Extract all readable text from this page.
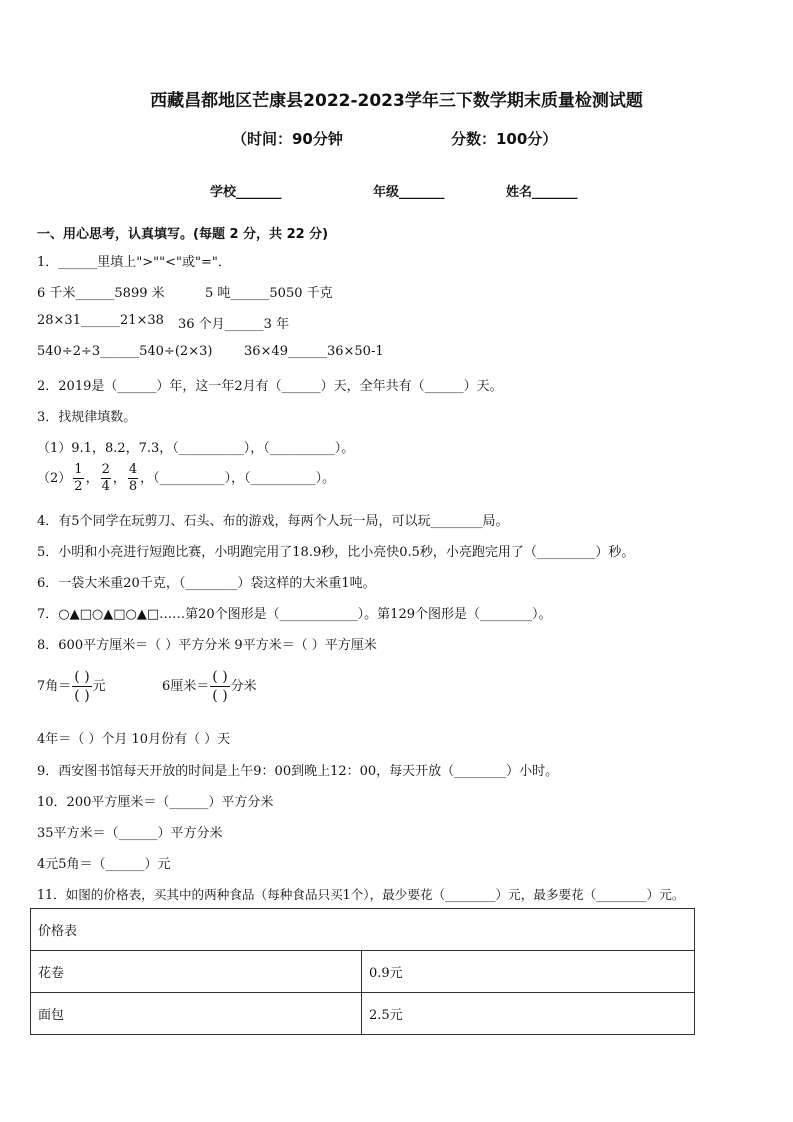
西藏昌都地区芒康县2022-2023学年三下数学期末质量检测试题
（时间：90分钟	分数：100分）
学校_______	年级_______	姓名_______
一、用心思考，认真填写。(每题 2 分，共 22 分)
1．______里填上">""<"或"="．
6 千米______5899 米	5 吨______5050 千克
28×31______21×38 36 个月______3 年
540÷2÷3______540÷(2×3) 36×49______36×50-1
2．2019是（______）年，这一年2月有（______）天，全年共有（______）天。
3．找规律填数。
（1）9.1，8.2，7.3，（__________），（__________）。
$(2) \frac{1}{2}$ ， $\frac{2}{4}$ ， $\frac{4}{8}$ ，（__________），（__________）。
4．有5个同学在玩剪刀、石头、布的游戏，每两个人玩一局，可以玩________局。
5．小明和小亮进行短跑比赛，小明跑完用了18.9秒，比小亮快0.5秒，小亮跑完用了（_________）秒。
6．一袋大米重20千克，（________）袋这样的大米重1吨。
7．○▲□○▲□○▲□……第20个图形是（____________）。第129个图形是（________）。
8．600平方厘米＝（ ）平方分米 9平方米＝（ ）平方厘米
7角＝ $\frac{( )}{( )}$ 元	6厘米＝ $\frac{( )}{( )}$ 分米
4年＝（ ）个月 10月份有（ ）天
9．西安图书馆每天开放的时间是上午9：00到晚上12：00，每天开放（________）小时。
10．200平方厘米＝（______）平方分米
35平方米＝（______）平方分米
4元5角＝（______）元
11．如图的价格表，买其中的两种食品（每种食品只买1个），最少要花（________）元，最多要花（________）元。
价格表	
花卷	0.9元
面包	2.5元
